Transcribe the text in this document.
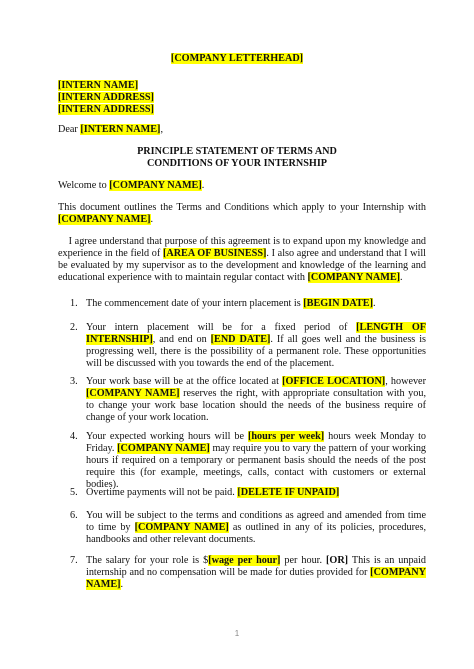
[COMPANY LETTERHEAD]
[INTERN NAME]
[INTERN ADDRESS]
[INTERN ADDRESS]

Dear [INTERN NAME],

PRINCIPLE STATEMENT OF TERMS AND
CONDITIONS OF YOUR INTERNSHIP

Welcome to [COMPANY NAME].

This document outlines the Terms and Conditions which apply to your Internship with [COMPANY NAME].

I agree understand that purpose of this agreement is to expand upon my knowledge and experience in the field of [AREA OF BUSINESS]. I also agree and understand that I will be evaluated by my supervisor as to the development and knowledge of the learning and educational experience with to maintain regular contact with [COMPANY NAME].

1. The commencement date of your intern placement is [BEGIN DATE].

2. Your intern placement will be for a fixed period of [LENGTH OF INTERNSHIP], and end on [END DATE]. If all goes well and the business is progressing well, there is the possibility of a permanent role. These opportunities will be discussed with you towards the end of the placement.

3. Your work base will be at the office located at [OFFICE LOCATION], however [COMPANY NAME] reserves the right, with appropriate consultation with you, to change your work base location should the needs of the business require of change of your work location.

4. Your expected working hours will be [hours per week] hours week Monday to Friday. [COMPANY NAME] may require you to vary the pattern of your working hours if required on a temporary or permanent basis should the needs of the post require this (for example, meetings, calls, contact with customers or external bodies).

5. Overtime payments will not be paid. [DELETE IF UNPAID]

6. You will be subject to the terms and conditions as agreed and amended from time to time by [COMPANY NAME] as outlined in any of its policies, procedures, handbooks and other relevant documents.

7. The salary for your role is $[wage per hour] per hour. [OR] This is an unpaid internship and no compensation will be made for duties provided for [COMPANY NAME].

1
